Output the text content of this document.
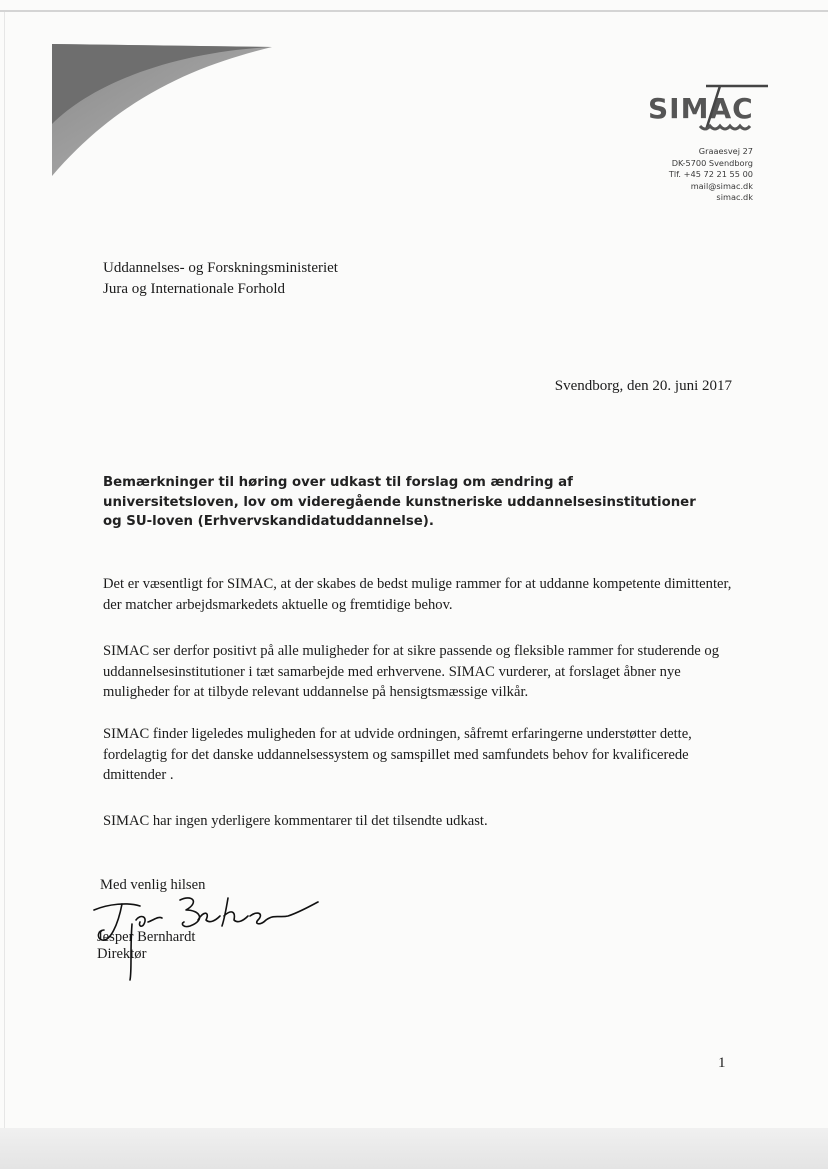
SIMAC
Graaesvej 27
DK-5700 Svendborg
Tlf. +45 72 21 55 00
mail@simac.dk
simac.dk
Uddannelses- og Forskningsministeriet
Jura og Internationale Forhold
Svendborg, den 20. juni 2017
Bemærkninger til høring over udkast til forslag om ændring af universitetsloven, lov om videregående kunstneriske uddannelsesinstitutioner og SU-loven (Erhvervskandidatuddannelse).
Det er væsentligt for SIMAC, at der skabes de bedst mulige rammer for at uddanne kompetente dimittenter, der matcher arbejdsmarkedets aktuelle og fremtidige behov.
SIMAC ser derfor positivt på alle muligheder for at sikre passende og fleksible rammer for studerende og uddannelsesinstitutioner i tæt samarbejde med erhvervene. SIMAC vurderer, at forslaget åbner nye muligheder for at tilbyde relevant uddannelse på hensigtsmæssige vilkår.
SIMAC finder ligeledes muligheden for at udvide ordningen, såfremt erfaringerne understøtter dette, fordelagtig for det danske uddannelsessystem og samspillet med samfundets behov for kvalificerede dmittender .
SIMAC har ingen yderligere kommentarer til det tilsendte udkast.
Med venlig hilsen
Jesper Bernhardt
Direktør
1
